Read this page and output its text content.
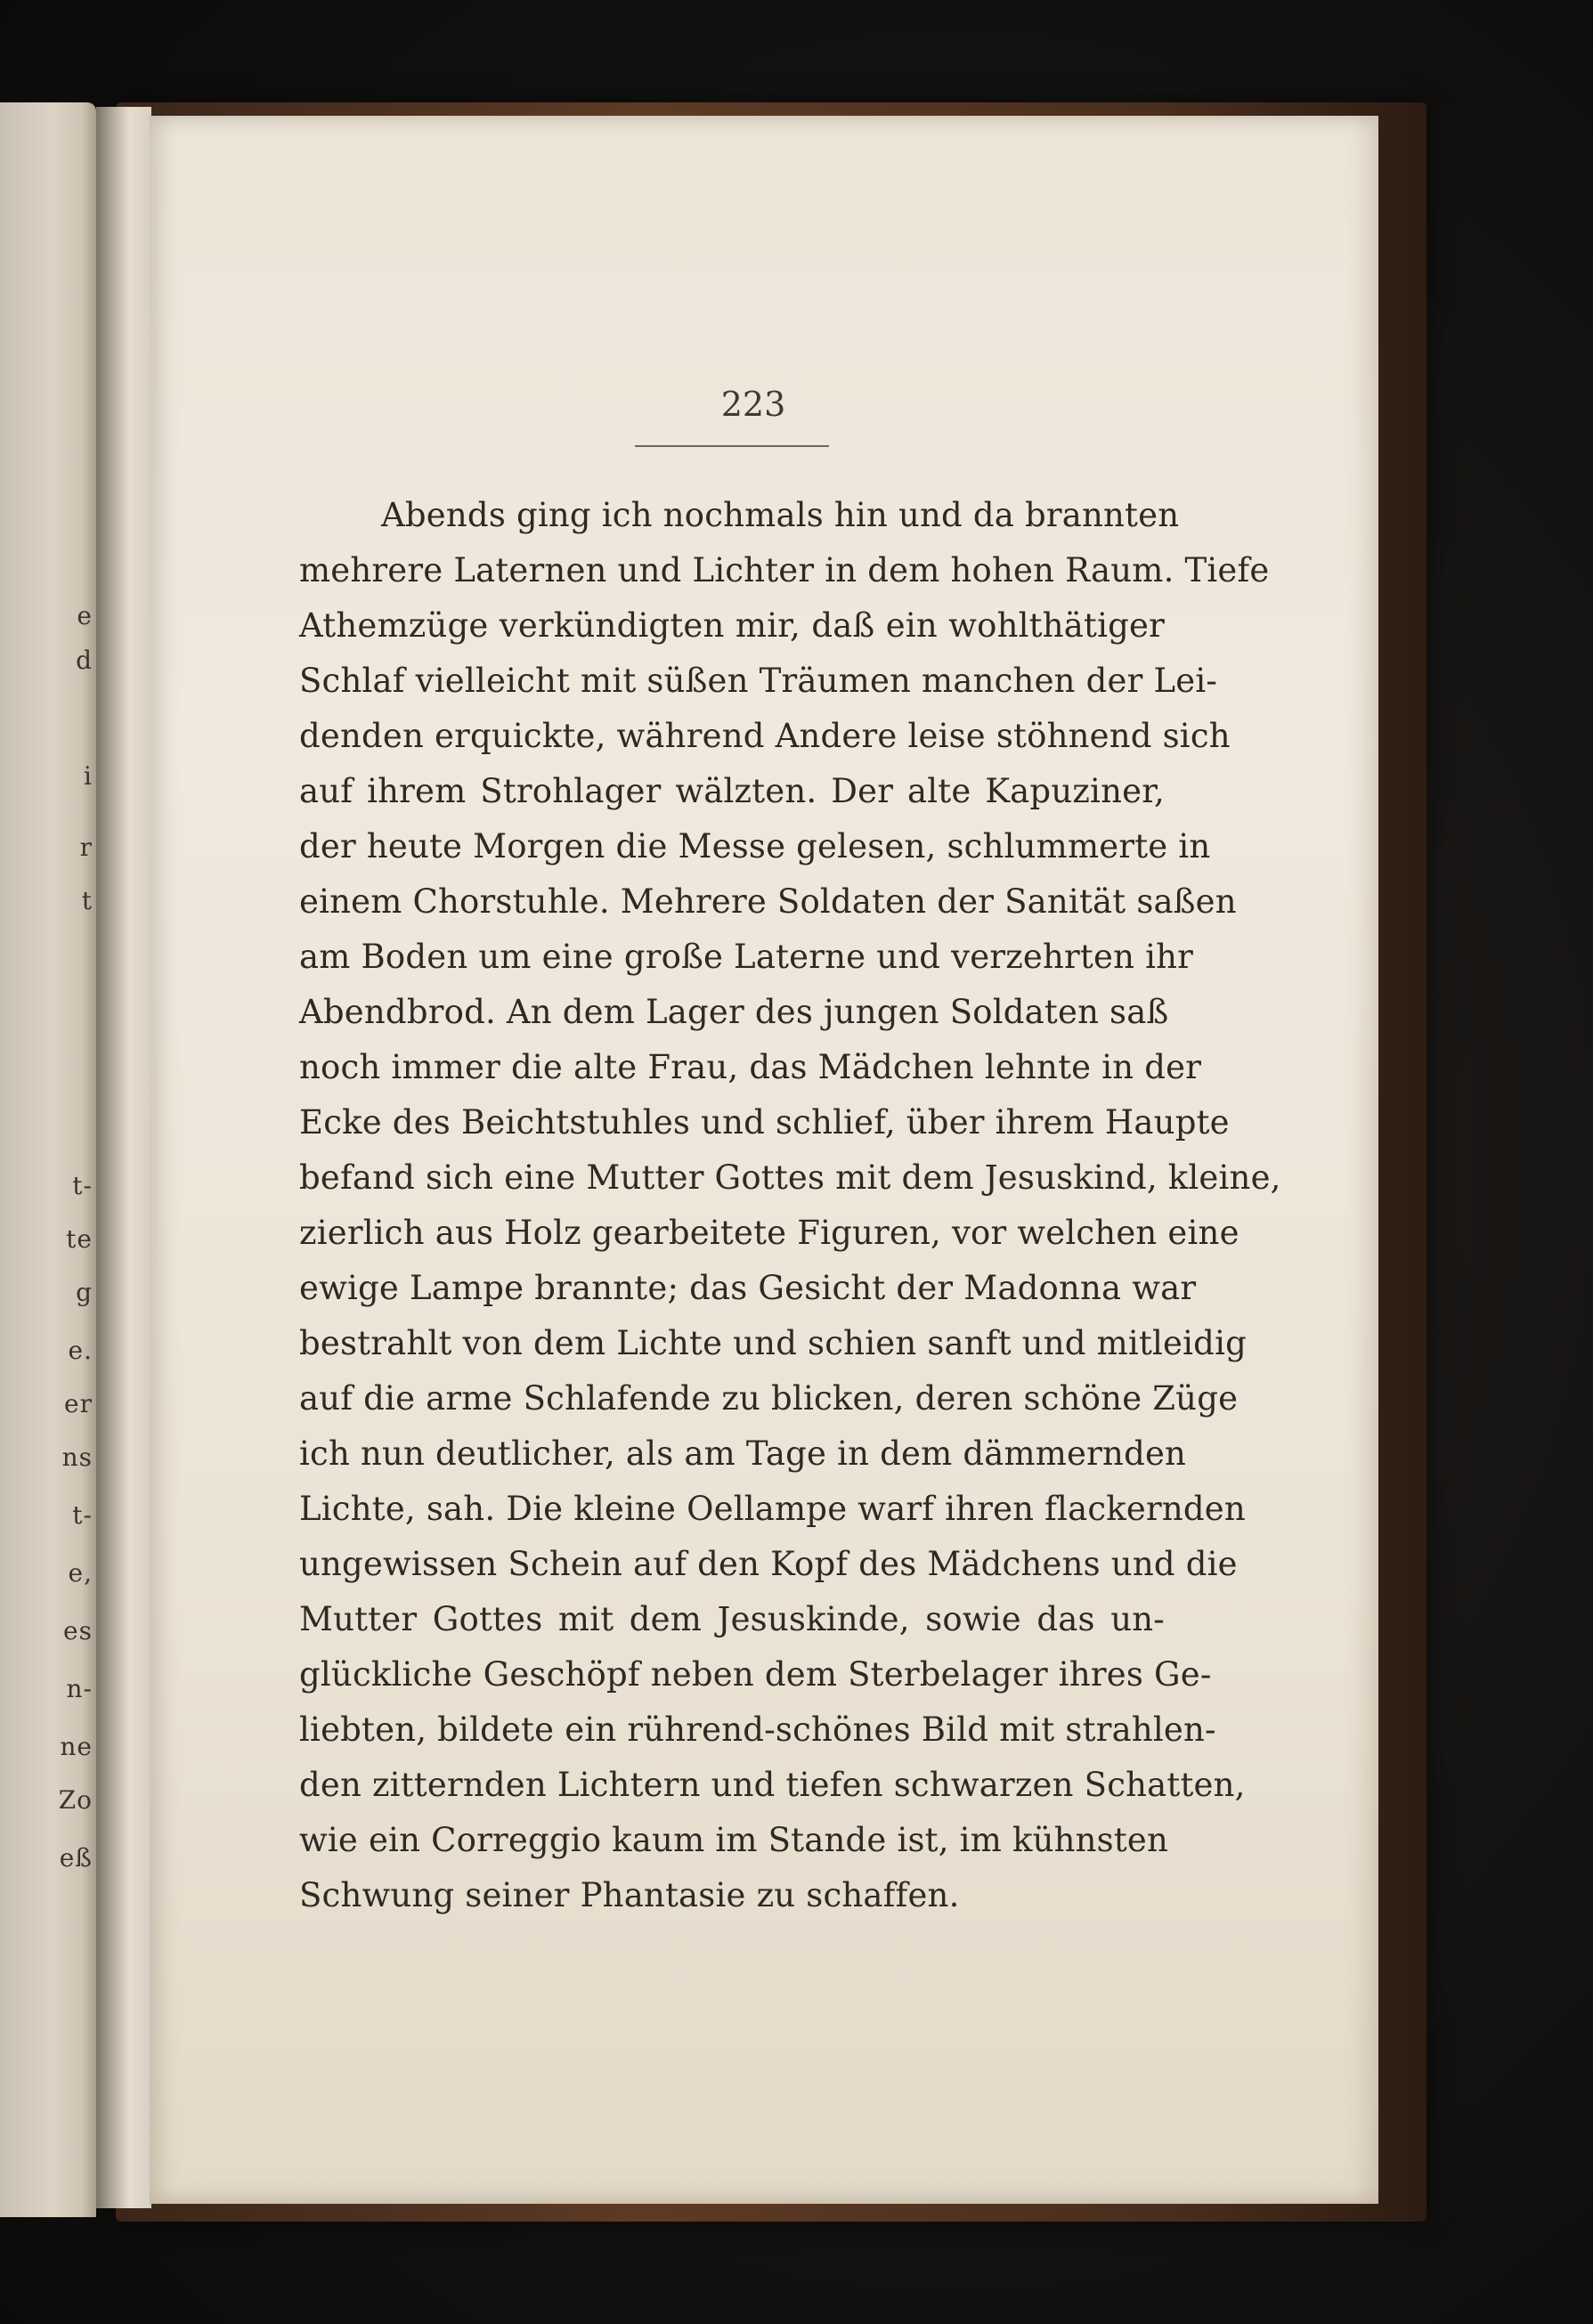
e
d
i
r
t
t-
te
g
e.
er
ns
t-
e,
es
n-
ne
Zo
eß
223
Abends ging ich nochmals hin und da brannten
mehrere Laternen und Lichter in dem hohen Raum. Tiefe
Athemzüge verkündigten mir, daß ein wohlthätiger
Schlaf vielleicht mit süßen Träumen manchen der Lei-
denden erquickte, während Andere leise stöhnend sich
auf ihrem Strohlager wälzten. Der alte Kapuziner,
der heute Morgen die Messe gelesen, schlummerte in
einem Chorstuhle. Mehrere Soldaten der Sanität saßen
am Boden um eine große Laterne und verzehrten ihr
Abendbrod. An dem Lager des jungen Soldaten saß
noch immer die alte Frau, das Mädchen lehnte in der
Ecke des Beichtstuhles und schlief, über ihrem Haupte
befand sich eine Mutter Gottes mit dem Jesuskind, kleine,
zierlich aus Holz gearbeitete Figuren, vor welchen eine
ewige Lampe brannte; das Gesicht der Madonna war
bestrahlt von dem Lichte und schien sanft und mitleidig
auf die arme Schlafende zu blicken, deren schöne Züge
ich nun deutlicher, als am Tage in dem dämmernden
Lichte, sah. Die kleine Oellampe warf ihren flackernden
ungewissen Schein auf den Kopf des Mädchens und die
Mutter Gottes mit dem Jesuskinde, sowie das un-
glückliche Geschöpf neben dem Sterbelager ihres Ge-
liebten, bildete ein rührend-schönes Bild mit strahlen-
den zitternden Lichtern und tiefen schwarzen Schatten,
wie ein Correggio kaum im Stande ist, im kühnsten
Schwung seiner Phantasie zu schaffen.
